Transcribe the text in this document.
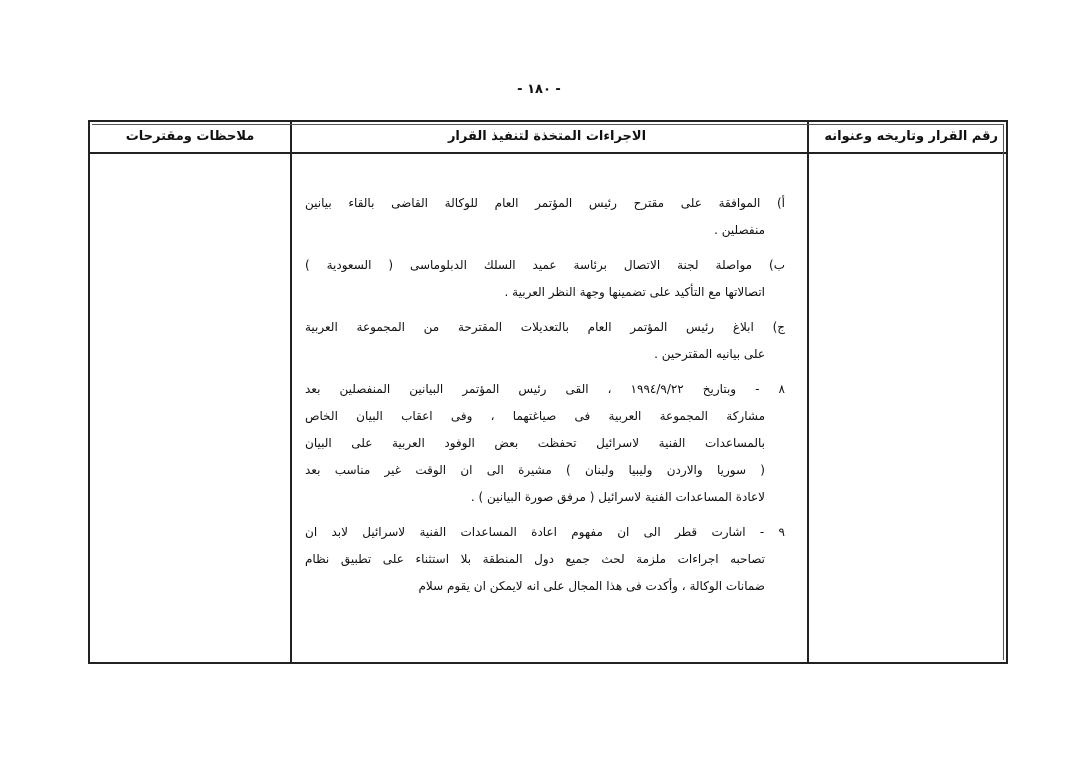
- ١٨٠ -
رقم القرار وتاريخه وعنوانه
الاجراءات المتخذة لتنفيذ القرار
ملاحظات ومقترحات
أ) الموافقة على مقترح رئيس المؤتمر العام للوكالة القاضى بالقاء بيانين
منفصلين .
ب) مواصلة لجنة الاتصال برئاسة عميد السلك الدبلوماسى ( السعودية )
اتصالاتها مع التأكيد على تضمينها وجهة النظر العربية .
ج) ابلاغ رئيس المؤتمر العام بالتعديلات المقترحة من المجموعة العربية
على بيانيه المقترحين .
٨ - وبتاريخ ١٩٩٤/٩/٢٢ ، القى رئيس المؤتمر البيانين المنفصلين بعد
مشاركة المجموعة العربية فى صياغتهما ، وفى اعقاب البيان الخاص
بالمساعدات الفنية لاسرائيل تحفظت بعض الوفود العربية على البيان
( سوريا والاردن وليبيا ولبنان ) مشيرة الى ان الوقت غير مناسب بعد
لاعادة المساعدات الفنية لاسرائيل ( مرفق صورة البيانين ) .
٩ - اشارت قطر الى ان مفهوم اعادة المساعدات الفنية لاسرائيل لابد ان
تصاحبه اجراءات ملزمة لحث جميع دول المنطقة بلا استثناء على تطبيق نظام
ضمانات الوكالة ، وأكدت فى هذا المجال على انه لايمكن ان يقوم سلام
